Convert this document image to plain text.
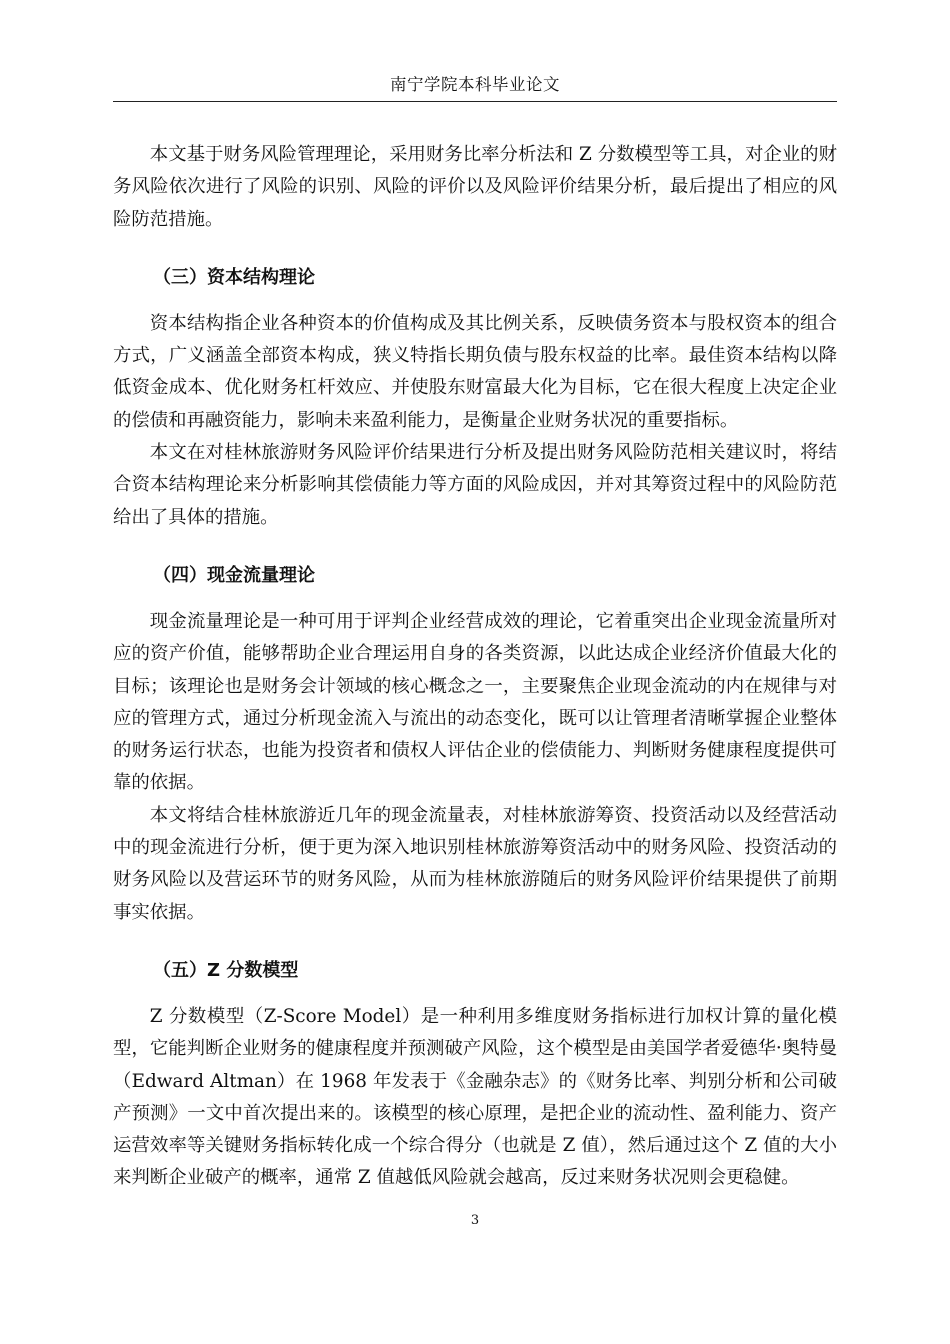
南宁学院本科毕业论文

本文基于财务风险管理理论，采用财务比率分析法和 Z 分数模型等工具，对企业的财务风险依次进行了风险的识别、风险的评价以及风险评价结果分析，最后提出了相应的风险防范措施。

（三）资本结构理论

资本结构指企业各种资本的价值构成及其比例关系，反映债务资本与股权资本的组合方式，广义涵盖全部资本构成，狭义特指长期负债与股东权益的比率。最佳资本结构以降低资金成本、优化财务杠杆效应、并使股东财富最大化为目标，它在很大程度上决定企业的偿债和再融资能力，影响未来盈利能力，是衡量企业财务状况的重要指标。

本文在对桂林旅游财务风险评价结果进行分析及提出财务风险防范相关建议时，将结合资本结构理论来分析影响其偿债能力等方面的风险成因，并对其筹资过程中的风险防范给出了具体的措施。

（四）现金流量理论

现金流量理论是一种可用于评判企业经营成效的理论，它着重突出企业现金流量所对应的资产价值，能够帮助企业合理运用自身的各类资源，以此达成企业经济价值最大化的目标；该理论也是财务会计领域的核心概念之一，主要聚焦企业现金流动的内在规律与对应的管理方式，通过分析现金流入与流出的动态变化，既可以让管理者清晰掌握企业整体的财务运行状态，也能为投资者和债权人评估企业的偿债能力、判断财务健康程度提供可靠的依据。

本文将结合桂林旅游近几年的现金流量表，对桂林旅游筹资、投资活动以及经营活动中的现金流进行分析，便于更为深入地识别桂林旅游筹资活动中的财务风险、投资活动的财务风险以及营运环节的财务风险，从而为桂林旅游随后的财务风险评价结果提供了前期事实依据。

（五）Z 分数模型

Z 分数模型（Z-Score Model）是一种利用多维度财务指标进行加权计算的量化模型，它能判断企业财务的健康程度并预测破产风险，这个模型是由美国学者爱德华·奥特曼（Edward Altman）在 1968 年发表于《金融杂志》的《财务比率、判别分析和公司破产预测》一文中首次提出来的。该模型的核心原理，是把企业的流动性、盈利能力、资产运营效率等关键财务指标转化成一个综合得分（也就是 Z 值），然后通过这个 Z 值的大小来判断企业破产的概率，通常 Z 值越低风险就会越高，反过来财务状况则会更稳健。

3
